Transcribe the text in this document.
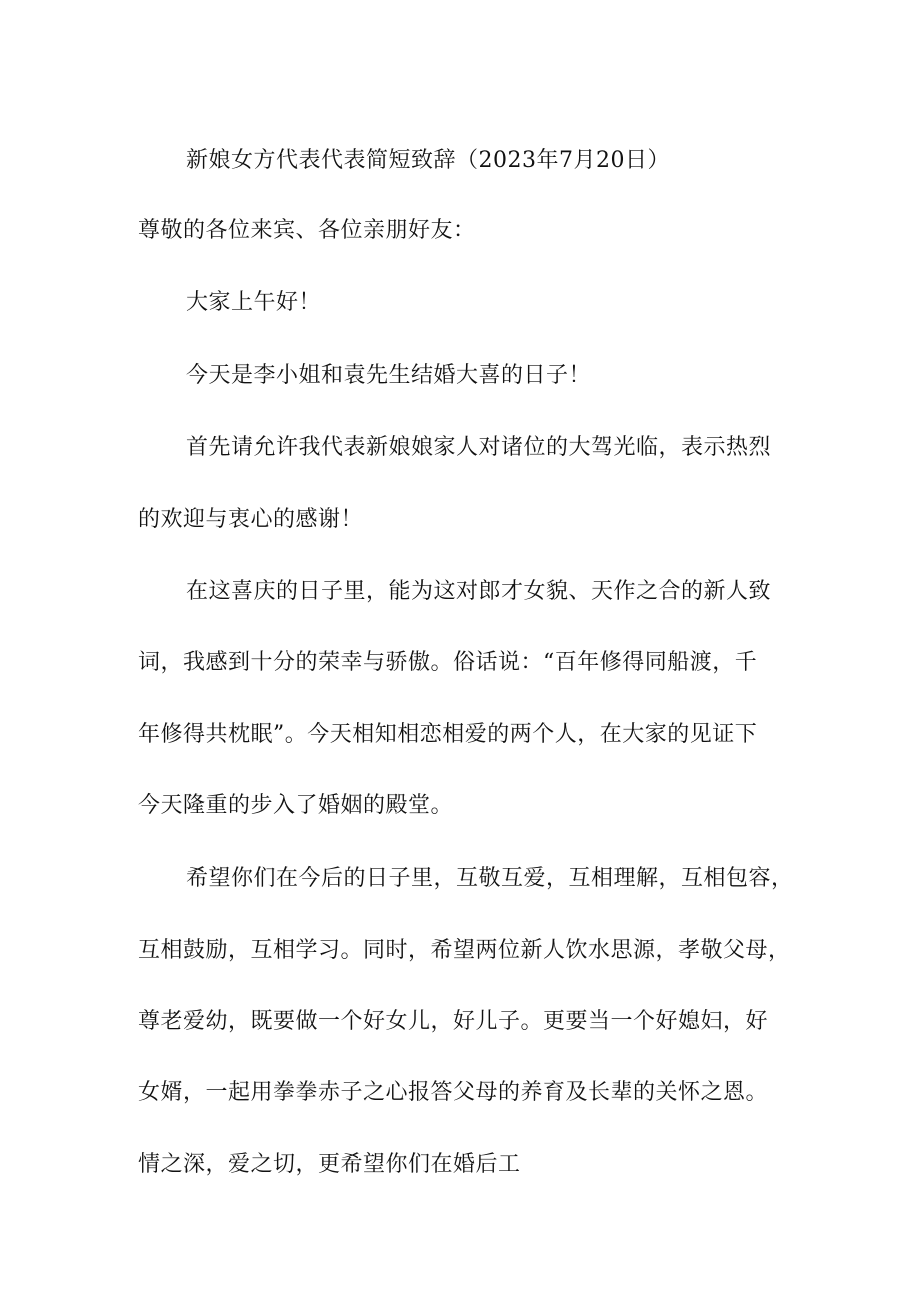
新娘女方代表代表简短致辞（2023年7月20日）
尊敬的各位来宾、各位亲朋好友：
大家上午好！
今天是李小姐和袁先生结婚大喜的日子！
首先请允许我代表新娘娘家人对诸位的大驾光临，表示热烈
的欢迎与衷心的感谢！
在这喜庆的日子里，能为这对郎才女貌、天作之合的新人致
词，我感到十分的荣幸与骄傲。俗话说：“百年修得同船渡，千
年修得共枕眠”。今天相知相恋相爱的两个人，在大家的见证下
今天隆重的步入了婚姻的殿堂。
希望你们在今后的日子里，互敬互爱，互相理解，互相包容，
互相鼓励，互相学习。同时，希望两位新人饮水思源，孝敬父母，
尊老爱幼，既要做一个好女儿，好儿子。更要当一个好媳妇，好
女婿，一起用拳拳赤子之心报答父母的养育及长辈的关怀之恩。
情之深，爱之切，更希望你们在婚后工
